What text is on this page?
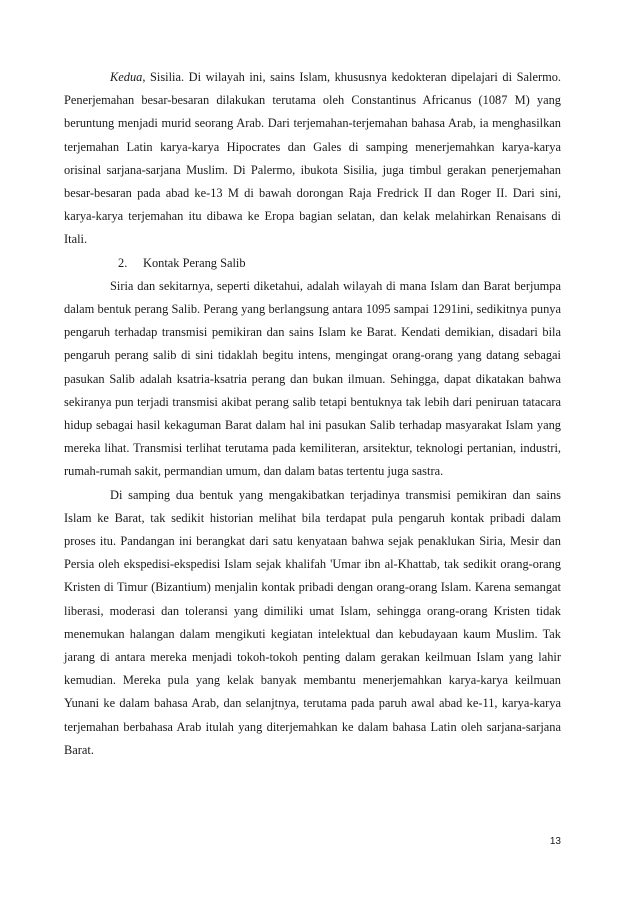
Kedua, Sisilia. Di wilayah ini, sains Islam, khususnya kedokteran dipelajari di Salermo. Penerjemahan besar-besaran dilakukan terutama oleh Constantinus Africanus (1087 M) yang beruntung menjadi murid seorang Arab. Dari terjemahan-terjemahan bahasa Arab, ia menghasilkan terjemahan Latin karya-karya Hipocrates dan Gales di samping menerjemahkan karya-karya orisinal sarjana-sarjana Muslim. Di Palermo, ibukota Sisilia, juga timbul gerakan penerjemahan besar-besaran pada abad ke-13 M di bawah dorongan Raja Fredrick II dan Roger II. Dari sini, karya-karya terjemahan itu dibawa ke Eropa bagian selatan, dan kelak melahirkan Renaisans di Itali.

2. Kontak Perang Salib

Siria dan sekitarnya, seperti diketahui, adalah wilayah di mana Islam dan Barat berjumpa dalam bentuk perang Salib. Perang yang berlangsung antara 1095 sampai 1291ini, sedikitnya punya pengaruh terhadap transmisi pemikiran dan sains Islam ke Barat. Kendati demikian, disadari bila pengaruh perang salib di sini tidaklah begitu intens, mengingat orang-orang yang datang sebagai pasukan Salib adalah ksatria-ksatria perang dan bukan ilmuan. Sehingga, dapat dikatakan bahwa sekiranya pun terjadi transmisi akibat perang salib tetapi bentuknya tak lebih dari peniruan tatacara hidup sebagai hasil kekaguman Barat dalam hal ini pasukan Salib terhadap masyarakat Islam yang mereka lihat. Transmisi terlihat terutama pada kemiliteran, arsitektur, teknologi pertanian, industri, rumah-rumah sakit, permandian umum, dan dalam batas tertentu juga sastra.

Di samping dua bentuk yang mengakibatkan terjadinya transmisi pemikiran dan sains Islam ke Barat, tak sedikit historian melihat bila terdapat pula pengaruh kontak pribadi dalam proses itu. Pandangan ini berangkat dari satu kenyataan bahwa sejak penaklukan Siria, Mesir dan Persia oleh ekspedisi-ekspedisi Islam sejak khalifah 'Umar ibn al-Khattab, tak sedikit orang-orang Kristen di Timur (Bizantium) menjalin kontak pribadi dengan orang-orang Islam. Karena semangat liberasi, moderasi dan toleransi yang dimiliki umat Islam, sehingga orang-orang Kristen tidak menemukan halangan dalam mengikuti kegiatan intelektual dan kebudayaan kaum Muslim. Tak jarang di antara mereka menjadi tokoh-tokoh penting dalam gerakan keilmuan Islam yang lahir kemudian. Mereka pula yang kelak banyak membantu menerjemahkan karya-karya keilmuan Yunani ke dalam bahasa Arab, dan selanjtnya, terutama pada paruh awal abad ke-11, karya-karya terjemahan berbahasa Arab itulah yang diterjemahkan ke dalam bahasa Latin oleh sarjana-sarjana Barat.

13
